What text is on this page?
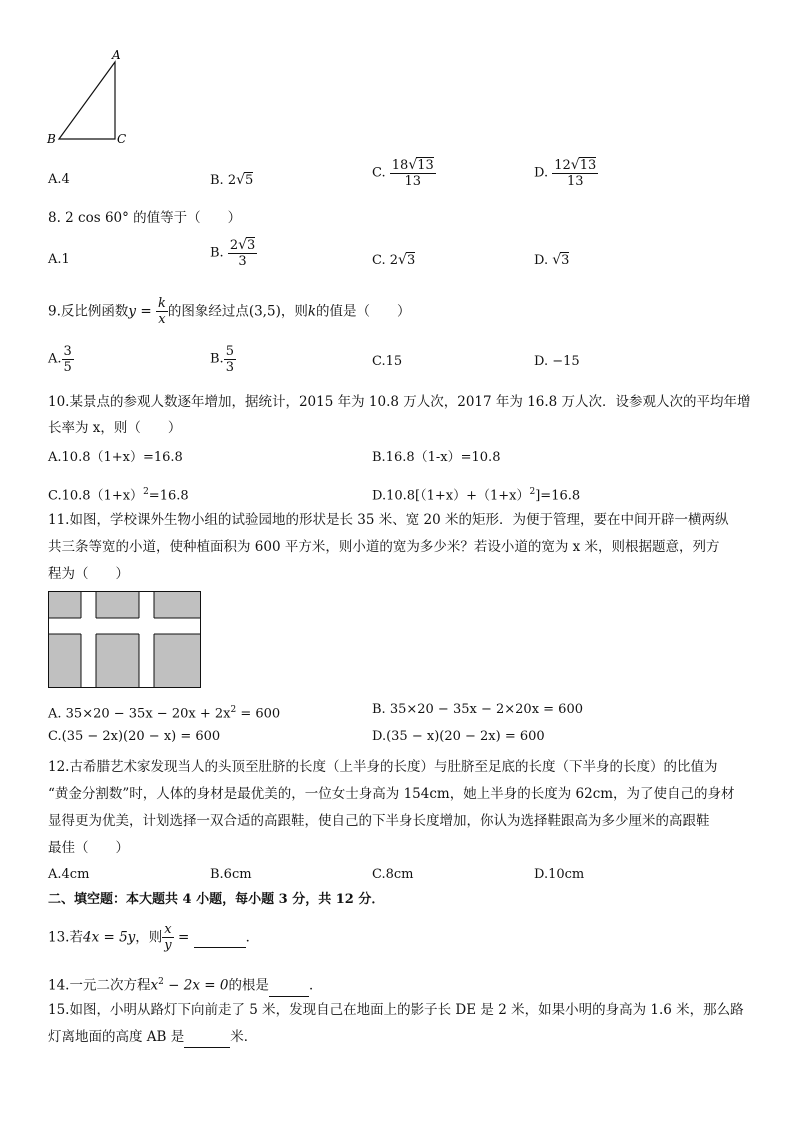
A
B	C
A.4	B. 2√5	C. $\frac{18√13}{13}$	D. $\frac{12√13}{13}$
8. 2 cos 60° 的值等于（　　）
A.1	B. $\frac{2√3}{3}$	C. 2√3	D. √3
9.反比例函数$y = \frac{k}{x}$ 的图象经过点(3,5)，则k的值是（　　）
A. $\frac{3}{5}$	B. $\frac{5}{3}$	C.15	D. −15
10.某景点的参观人数逐年增加，据统计，2015 年为 10.8 万人次，2017 年为 16.8 万人次．设参观人次的平均年增
长率为 x，则（　　）
A.10.8（1+x）=16.8	B.16.8（1-x）=10.8
$C.10.8(1+x)^2=16.8$	$D.10.8[(1+x)+(1+x)^2]=16.8$
11.如图，学校课外生物小组的试验园地的形状是长 35 米、宽 20 米的矩形．为便于管理，要在中间开辟一横两纵
共三条等宽的小道，使种植面积为 600 平方米，则小道的宽为多少米？若设小道的宽为 x 米，则根据题意，列方
程为（　　）
A. $35\times 20 - 35x - 20x + 2x^2 = 600$	B. 35×20 − 35x − 2×20x = 600
C.(35 − 2x)(20 − x) = 600	D.(35 − x)(20 − 2x) = 600
12.古希腊艺术家发现当人的头顶至肚脐的长度（上半身的长度）与肚脐至足底的长度（下半身的长度）的比值为
“黄金分割数”时，人体的身材是最优美的，一位女士身高为 154cm，她上半身的长度为 62cm，为了使自己的身材
显得更为优美，计划选择一双合适的高跟鞋，使自己的下半身长度增加，你认为选择鞋跟高为多少厘米的高跟鞋
最佳（　　）
A.4cm	B.6cm	C.8cm	D.10cm
二、填空题：本大题共 4 小题，每小题 3 分，共 12 分．
13.若4x = 5y，则 $\frac{x}{y}$ =	．
14.一元二次方程$x^2 - 2x = 0$的根是	．
15.如图，小明从路灯下向前走了 5 米，发现自己在地面上的影子长 DE 是 2 米，如果小明的身高为 1.6 米，那么路
灯离地面的高度 AB 是	米．
